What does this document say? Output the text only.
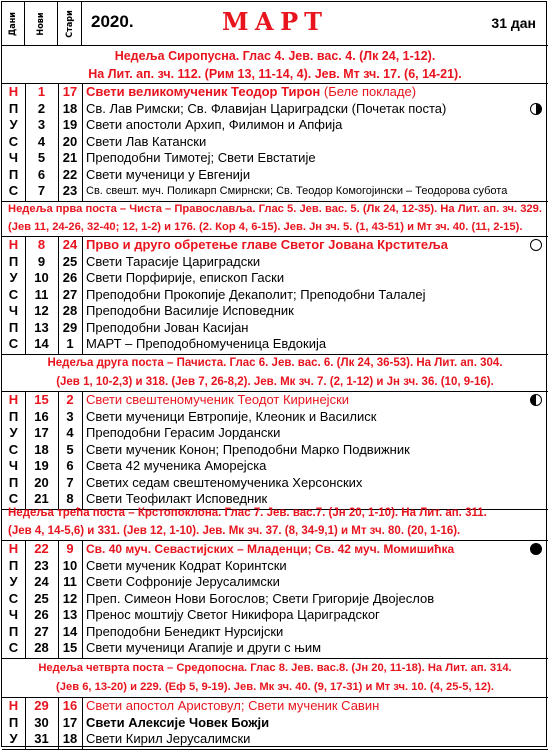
Дани Нови Стари 2020.	МАРТ	31 дан
Недеља Сиропусна. Глас 4. Јев. вас. 4. (Лк 24, 1-12).
На Лит. ап. зч. 112. (Рим 13, 11-14, 4). Јев. Мт зч. 17. (6, 14-21).
Н	1	17 Свети великомученик Теодор Тирон (Беле покладе)
П	2	18 Св. Лав Римски; Св. Флавијан Цариградски (Почетак поста)
У	3	19 Свети апостоли Архип, Филимон и Апфија
С	4	20 Свети Лав Катански
Ч	5	21 Преподобни Тимотеј; Свети Евстатије
П	6	22 Свети мученици у Евгенији
С	7	23 Св. свешт. муч. Поликарп Смирнски; Св. Теодор Комогојински – Теодорова субота
Недеља прва поста – Чиста – Православља. Глас 5. Јев. вас. 5. (Лк 24, 12-35). На Лит. ап. зч. 329.
(Јев 11, 24-26, 32-40; 12, 1-2) и 176. (2. Кор 4, 6-15). Јев. Јн зч. 5. (1, 43-51) и Мт зч. 40. (11, 2-15).
Н	8	24 Прво и друго обретење главе Светог Јована Крститеља
П	9	25 Свети Тарасије Цариградски
У	10	26 Свети Порфирије, епископ Гаски
С	11	27 Преподобни Прокопије Декаполит; Преподобни Талалеј
Ч	12	28 Преподобни Василије Исповедник
П	13	29 Преподобни Јован Касијан
С	14	1 МАРТ – Преподобномученица Евдокија
Недеља друга поста – Пачиста. Глас 6. Јев. вас. 6. (Лк 24, 36-53). На Лит. ап. 304.
(Јев 1, 10-2,3) и 318. (Јев 7, 26-8,2). Јев. Мк зч. 7. (2, 1-12) и Јн зч. 36. (10, 9-16).
Н	15	2 Свети свештеномученик Теодот Киринејски
П	16	3 Свети мученици Евтропије, Клеоник и Василиск
У	17	4 Преподобни Герасим Јордански
С	18	5 Свети мученик Конон; Преподобни Марко Подвижник
Ч	19	6 Света 42 мученика Аморејска
П	20	7 Светих седам свештеномученика Херсонских
С	21	8 Свети Теофилакт Исповедник
Недеља трећа поста – Крстопоклона. Глас 7. Јев. вас.7. (Јн 20, 1-10). На Лит. ап. 311.
(Јев 4, 14-5,6) и 331. (Јев 12, 1-10). Јев. Мк зч. 37. (8, 34-9,1) и Мт зч. 80. (20, 1-16).
Н	22	9	Св. 40 муч. Севастијских – Младенци; Св. 42 муч. Момишићка
П	23	10 Свети мученик Кодрат Коринтски
У	24	11 Свети Софроније Јерусалимски
С	25	12 Преп. Симеон Нови Богослов; Свети Григорије Двојеслов
Ч	26	13 Пренос моштију Светог Никифора Цариградског
П	27	14 Преподобни Бенедикт Нурсијски
С	28	15 Свети мученици Агапије и други с њим
Недеља четврта поста – Средопосна. Глас 8. Јев. вас.8. (Јн 20, 11-18). На Лит. ап. 314.
(Јев 6, 13-20) и 229. (Еф 5, 9-19). Јев. Мк зч. 40. (9, 17-31) и Мт зч. 10. (4, 25-5, 12).
Н	29	16 Свети апостол Аристовул; Свети мученик Савин
П	30	17 Свети Алексије Човек Божји
У	31	18 Свети Кирил Јерусалимски
